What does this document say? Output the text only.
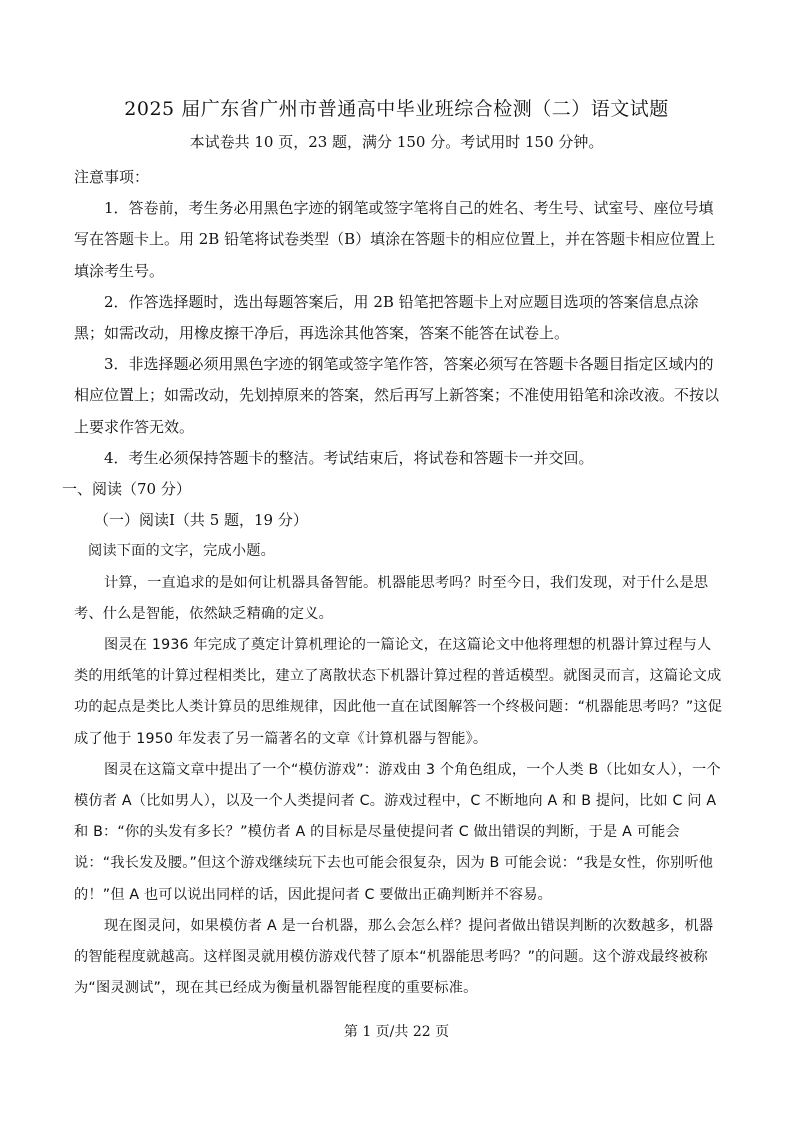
2025 届广东省广州市普通高中毕业班综合检测（二）语文试题
本试卷共 10 页，23 题，满分 150 分。考试用时 150 分钟。

注意事项：

1．答卷前，考生务必用黑色字迹的钢笔或签字笔将自己的姓名、考生号、试室号、座位号填写在答题卡上。用 2B 铅笔将试卷类型（B）填涂在答题卡的相应位置上，并在答题卡相应位置上填涂考生号。

2．作答选择题时，选出每题答案后，用 2B 铅笔把答题卡上对应题目选项的答案信息点涂黑；如需改动，用橡皮擦干净后，再选涂其他答案，答案不能答在试卷上。

3．非选择题必须用黑色字迹的钢笔或签字笔作答，答案必须写在答题卡各题目指定区域内的相应位置上；如需改动，先划掉原来的答案，然后再写上新答案；不准使用铅笔和涂改液。不按以上要求作答无效。

4．考生必须保持答题卡的整洁。考试结束后，将试卷和答题卡一并交回。

一、阅读（70 分）

（一）阅读Ⅰ（共 5 题，19 分）

阅读下面的文字，完成小题。

计算，一直追求的是如何让机器具备智能。机器能思考吗？时至今日，我们发现，对于什么是思考、什么是智能，依然缺乏精确的定义。

图灵在 1936 年完成了奠定计算机理论的一篇论文，在这篇论文中他将理想的机器计算过程与人类的用纸笔的计算过程相类比，建立了离散状态下机器计算过程的普适模型。就图灵而言，这篇论文成功的起点是类比人类计算员的思维规律，因此他一直在试图解答一个终极问题：“机器能思考吗？”这促成了他于 1950 年发表了另一篇著名的文章《计算机器与智能》。

图灵在这篇文章中提出了一个“模仿游戏”：游戏由 3 个角色组成，一个人类 B（比如女人），一个模仿者 A（比如男人），以及一个人类提问者 C。游戏过程中，C 不断地向 A 和 B 提问，比如 C 问 A 和 B：“你的头发有多长？”模仿者 A 的目标是尽量使提问者 C 做出错误的判断，于是 A 可能会说：“我长发及腰。”但这个游戏继续玩下去也可能会很复杂，因为 B 可能会说：“我是女性，你别听他的！”但 A 也可以说出同样的话，因此提问者 C 要做出正确判断并不容易。

现在图灵问，如果模仿者 A 是一台机器，那么会怎么样？提问者做出错误判断的次数越多，机器的智能程度就越高。这样图灵就用模仿游戏代替了原本“机器能思考吗？”的问题。这个游戏最终被称为“图灵测试”，现在其已经成为衡量机器智能程度的重要标准。

第 1 页/共 22 页
